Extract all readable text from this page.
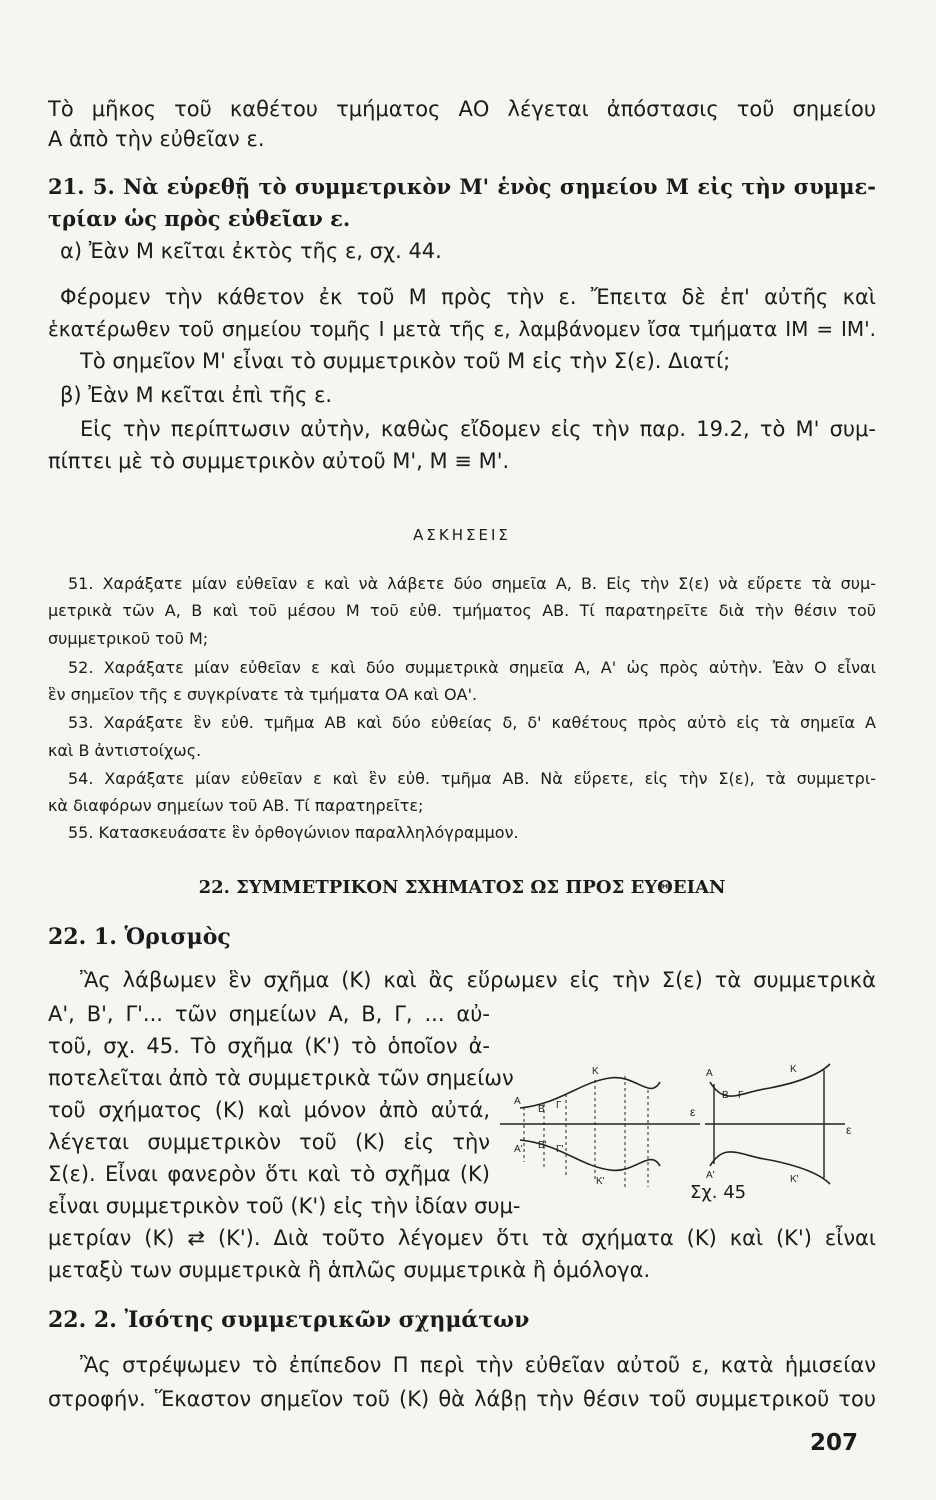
Τὸ μῆκος τοῦ καθέτου τμήματος ΑΟ λέγεται ἀπόστασις τοῦ σημείου
Α ἀπὸ τὴν εὐθεῖαν ε.
21. 5. Νὰ εὑρεθῇ τὸ συμμετρικὸν Μ' ἑνὸς σημείου Μ εἰς τὴν συμμε-
τρίαν ὡς πρὸς εὐθεῖαν ε.
α) Ἐὰν Μ κεῖται ἐκτὸς τῆς ε, σχ. 44.
Φέρομεν τὴν κάθετον ἐκ τοῦ Μ πρὸς τὴν ε. Ἔπειτα δὲ ἐπ' αὐτῆς καὶ
ἑκατέρωθεν τοῦ σημείου τομῆς Ι μετὰ τῆς ε, λαμβάνομεν ἴσα τμήματα ΙΜ = ΙΜ'.
Τὸ σημεῖον Μ' εἶναι τὸ συμμετρικὸν τοῦ Μ εἰς τὴν Σ(ε). Διατί;
β) Ἐὰν Μ κεῖται ἐπὶ τῆς ε.
Εἰς τὴν περίπτωσιν αὐτὴν, καθὼς εἴδομεν εἰς τὴν παρ. 19.2, τὸ Μ' συμ-
πίπτει μὲ τὸ συμμετρικὸν αὐτοῦ Μ', Μ ≡ Μ'.
ΑΣΚΗΣΕΙΣ
51. Χαράξατε μίαν εὐθεῖαν ε καὶ νὰ λάβετε δύο σημεῖα Α, Β. Εἰς τὴν Σ(ε) νὰ εὕρετε τὰ συμ-
μετρικὰ τῶν Α, Β καὶ τοῦ μέσου Μ τοῦ εὐθ. τμήματος ΑΒ. Τί παρατηρεῖτε διὰ τὴν θέσιν τοῦ
συμμετρικοῦ τοῦ Μ;
52. Χαράξατε μίαν εὐθεῖαν ε καὶ δύο συμμετρικὰ σημεῖα Α, Α' ὡς πρὸς αὐτὴν. Ἐὰν Ο εἶναι
ἓν σημεῖον τῆς ε συγκρίνατε τὰ τμήματα ΟΑ καὶ ΟΑ'.
53. Χαράξατε ἓν εὐθ. τμῆμα ΑΒ καὶ δύο εὐθείας δ, δ' καθέτους πρὸς αὐτὸ εἰς τὰ σημεῖα Α
καὶ Β ἀντιστοίχως.
54. Χαράξατε μίαν εὐθεῖαν ε καὶ ἓν εὐθ. τμῆμα ΑΒ. Νὰ εὕρετε, εἰς τὴν Σ(ε), τὰ συμμετρι-
κὰ διαφόρων σημείων τοῦ ΑΒ. Τί παρατηρεῖτε;
55. Κατασκευάσατε ἓν ὀρθογώνιον παραλληλόγραμμον.
22. ΣΥΜΜΕΤΡΙΚΟΝ ΣΧΗΜΑΤΟΣ ΩΣ ΠΡΟΣ ΕΥΘΕΙΑΝ
22. 1. Ὁρισμὸς
Ἂς λάβωμεν ἓν σχῆμα (Κ) καὶ ἂς εὕρωμεν εἰς τὴν Σ(ε) τὰ συμμετρικὰ
Α', Β', Γ'... τῶν σημείων Α, Β, Γ, ... αὐ-
τοῦ, σχ. 45. Τὸ σχῆμα (Κ') τὸ ὁποῖον ἀ-
ποτελεῖται ἀπὸ τὰ συμμετρικὰ τῶν σημείων
τοῦ σχήματος (Κ) καὶ μόνον ἀπὸ αὐτά,
λέγεται συμμετρικὸν τοῦ (Κ) εἰς τὴν
Σ(ε). Εἶναι φανερὸν ὅτι καὶ τὸ σχῆμα (Κ)
εἶναι συμμετρικὸν τοῦ (Κ') εἰς τὴν ἰδίαν συμ-
μετρίαν (Κ) ⇄ (Κ'). Διὰ τοῦτο λέγομεν ὅτι τὰ σχήματα (Κ) καὶ (Κ') εἶναι
μεταξὺ των συμμετρικὰ ἢ ἁπλῶς συμμετρικὰ ἢ ὁμόλογα.
22. 2. Ἰσότης συμμετρικῶν σχημάτων
Ἂς στρέψωμεν τὸ ἐπίπεδον Π περὶ τὴν εὐθεῖαν αὐτοῦ ε, κατὰ ἡμισείαν
στροφήν. Ἕκαστον σημεῖον τοῦ (Κ) θὰ λάβῃ τὴν θέσιν τοῦ συμμετρικοῦ του
A
B Γ
K
ε
A' B' Γ'
K'
A
B Γ
K
ε
A'	K'
Σχ. 45
207
